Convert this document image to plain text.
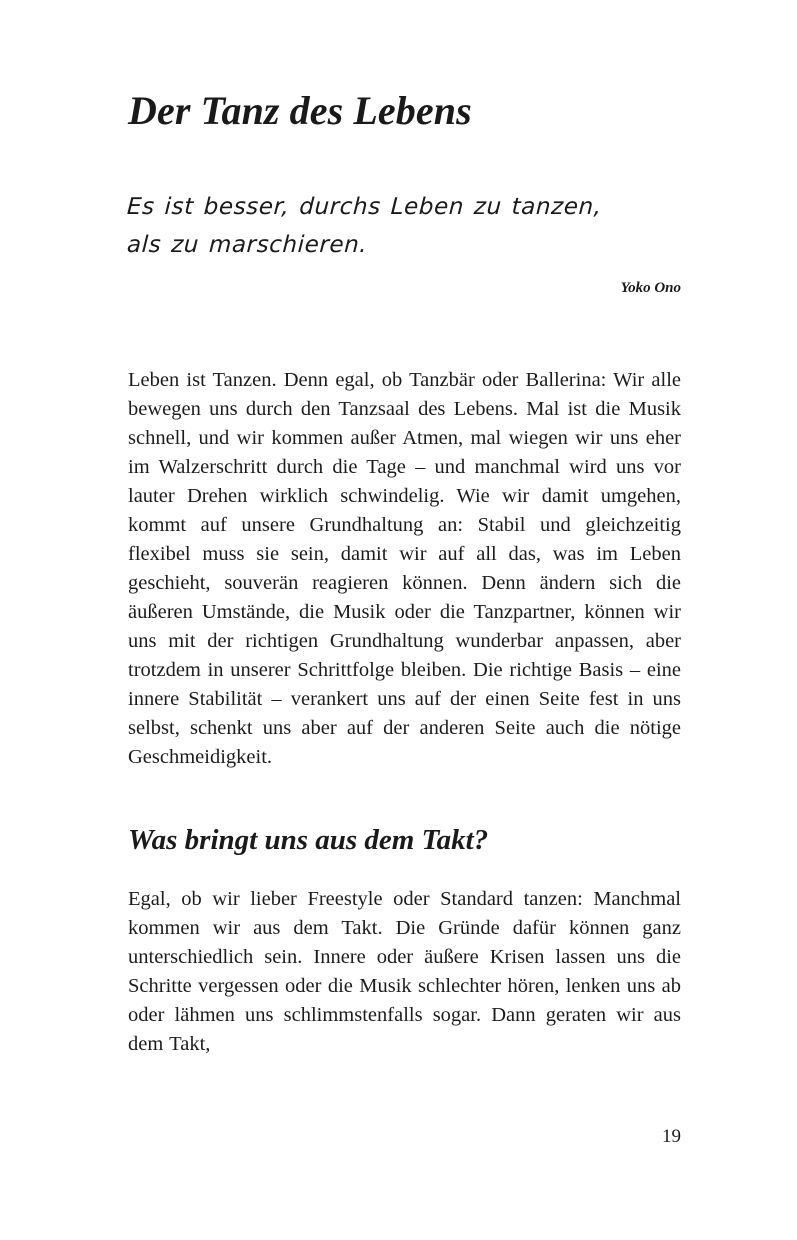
Der Tanz des Lebens

Es ist besser, durchs Leben zu tanzen,

als zu marschieren.

Yoko Ono

Leben ist Tanzen. Denn egal, ob Tanzbär oder Ballerina: Wir alle bewegen uns durch den Tanzsaal des Lebens. Mal ist die Musik schnell, und wir kommen außer Atmen, mal wiegen wir uns eher im Walzerschritt durch die Tage – und manchmal wird uns vor lauter Drehen wirklich schwindelig. Wie wir damit umgehen, kommt auf unsere Grundhaltung an: Stabil und gleichzeitig flexibel muss sie sein, damit wir auf all das, was im Leben geschieht, souverän reagieren können. Denn ändern sich die äußeren Umstände, die Musik oder die Tanzpartner, können wir uns mit der richtigen Grundhaltung wunderbar anpassen, aber trotzdem in unserer Schrittfolge bleiben. Die richtige Basis – eine innere Stabilität – verankert uns auf der einen Seite fest in uns selbst, schenkt uns aber auf der anderen Seite auch die nötige Geschmeidigkeit.

Was bringt uns aus dem Takt?

Egal, ob wir lieber Freestyle oder Standard tanzen: Manchmal kommen wir aus dem Takt. Die Gründe dafür können ganz unterschiedlich sein. Innere oder äußere Krisen lassen uns die Schritte vergessen oder die Musik schlechter hören, lenken uns ab oder lähmen uns schlimmstenfalls sogar. Dann geraten wir aus dem Takt,

19
